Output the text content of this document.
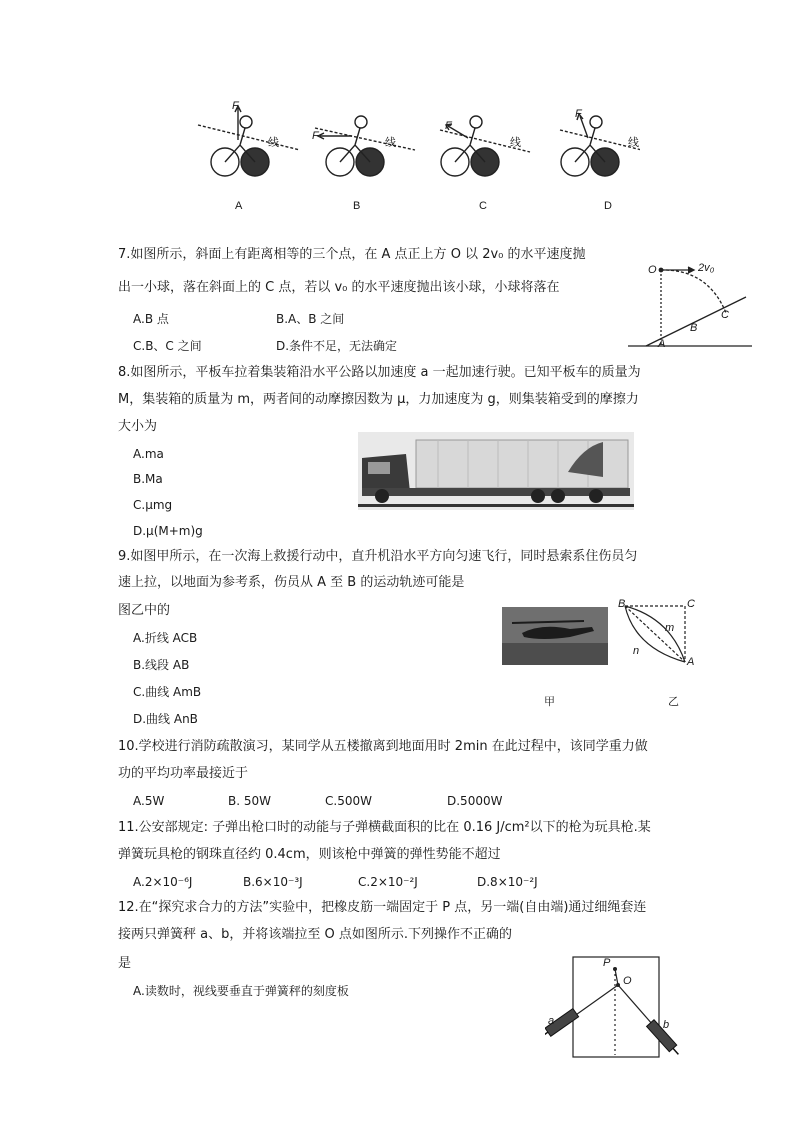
F
线
F
线
F
线
F
线
A	B	C	D
7.如图所示，斜面上有距离相等的三个点，在 A 点正上方 O 以 2v₀ 的水平速度抛
出一小球，落在斜面上的 C 点，若以 v₀ 的水平速度抛出该小球，小球将落在
A.B 点	B.A、B 之间
C.B、C 之间	D.条件不足，无法确定
O	2v₀
A
B
C
8.如图所示，平板车拉着集装箱沿水平公路以加速度 a 一起加速行驶。已知平板车的质量为
M，集装箱的质量为 m，两者间的动摩擦因数为 μ，力加速度为 g，则集装箱受到的摩擦力
大小为
A.ma
B.Ma
C.μmg
D.μ(M+m)g
9.如图甲所示，在一次海上救援行动中，直升机沿水平方向匀速飞行，同时悬索系住伤员匀
速上拉，以地面为参考系，伤员从 A 至 B 的运动轨迹可能是
图乙中的
A.折线 ACB
B.线段 AB
C.曲线 AmB
D.曲线 AnB
甲
B	C
m
n
A
乙
10.学校进行消防疏散演习，某同学从五楼撤离到地面用时 2min 在此过程中，该同学重力做
功的平均功率最接近于
A.5W	B. 50W	C.500W	D.5000W
11.公安部规定: 子弹出枪口时的动能与子弹横截面积的比在 0.16 J/cm²以下的枪为玩具枪.某
弹簧玩具枪的钢珠直径约 0.4cm，则该枪中弹簧的弹性势能不超过
A.2×10⁻⁶J	B.6×10⁻³J	C.2×10⁻²J	D.8×10⁻²J
12.在“探究求合力的方法”实验中，把橡皮筋一端固定于 P 点，另一端(自由端)通过细绳套连
接两只弹簧秤 a、b，并将该端拉至 O 点如图所示.下列操作不正确的
是
A.读数时，视线要垂直于弹簧秤的刻度板
P
O
a	b
